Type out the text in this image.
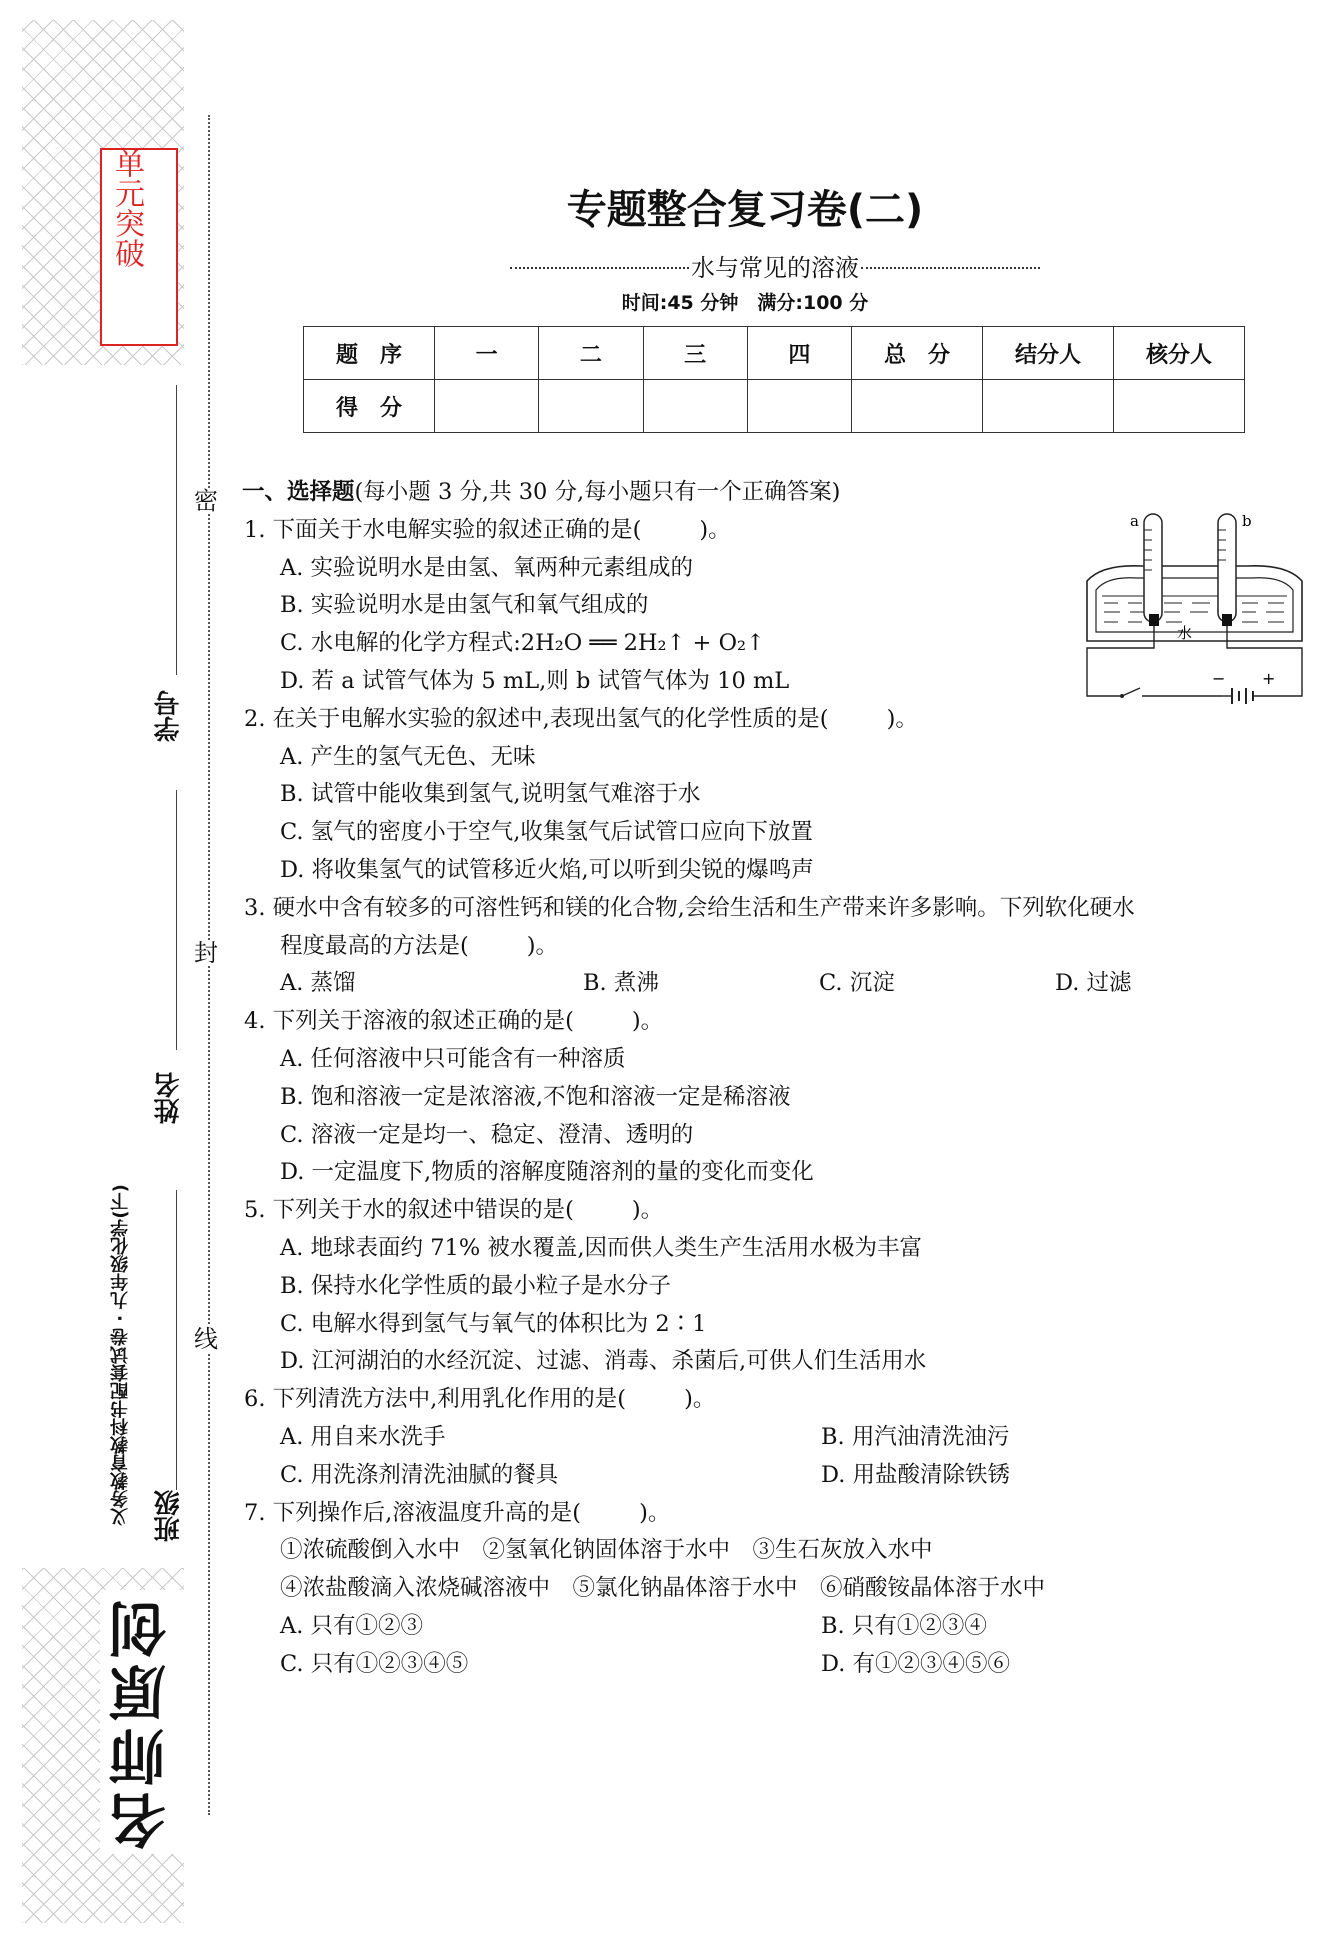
单元突破
密
封
线
学号
姓名
班级
义务教育教科书配套试卷 · 九年级化学(下)
名师原创
专题整合复习卷(二)
水与常见的溶液
时间:45 分钟　满分:100 分
题　序	一	二	三	四	总　分	结分人	核分人
得　分							
a	b
水
− +
一、选择题(每小题 3 分,共 30 分,每小题只有一个正确答案)
1. 下面关于水电解实验的叙述正确的是(	)。
A. 实验说明水是由氢、氧两种元素组成的
B. 实验说明水是由氢气和氧气组成的
C. 水电解的化学方程式:2H₂O ══ 2H₂↑ + O₂↑
D. 若 a 试管气体为 5 mL,则 b 试管气体为 10 mL
2. 在关于电解水实验的叙述中,表现出氢气的化学性质的是(	)。
A. 产生的氢气无色、无味
B. 试管中能收集到氢气,说明氢气难溶于水
C. 氢气的密度小于空气,收集氢气后试管口应向下放置
D. 将收集氢气的试管移近火焰,可以听到尖锐的爆鸣声
3. 硬水中含有较多的可溶性钙和镁的化合物,会给生活和生产带来许多影响。下列软化硬水
程度最高的方法是(	)。
A. 蒸馏	B. 煮沸	C. 沉淀	D. 过滤
4. 下列关于溶液的叙述正确的是(	)。
A. 任何溶液中只可能含有一种溶质
B. 饱和溶液一定是浓溶液,不饱和溶液一定是稀溶液
C. 溶液一定是均一、稳定、澄清、透明的
D. 一定温度下,物质的溶解度随溶剂的量的变化而变化
5. 下列关于水的叙述中错误的是(	)。
A. 地球表面约 71% 被水覆盖,因而供人类生产生活用水极为丰富
B. 保持水化学性质的最小粒子是水分子
C. 电解水得到氢气与氧气的体积比为 2∶1
D. 江河湖泊的水经沉淀、过滤、消毒、杀菌后,可供人们生活用水
6. 下列清洗方法中,利用乳化作用的是(	)。
A. 用自来水洗手	B. 用汽油清洗油污
C. 用洗涤剂清洗油腻的餐具	D. 用盐酸清除铁锈
7. 下列操作后,溶液温度升高的是(	)。
①浓硫酸倒入水中　②氢氧化钠固体溶于水中　③生石灰放入水中
④浓盐酸滴入浓烧碱溶液中　⑤氯化钠晶体溶于水中　⑥硝酸铵晶体溶于水中
A. 只有①②③	B. 只有①②③④
C. 只有①②③④⑤	D. 有①②③④⑤⑥
